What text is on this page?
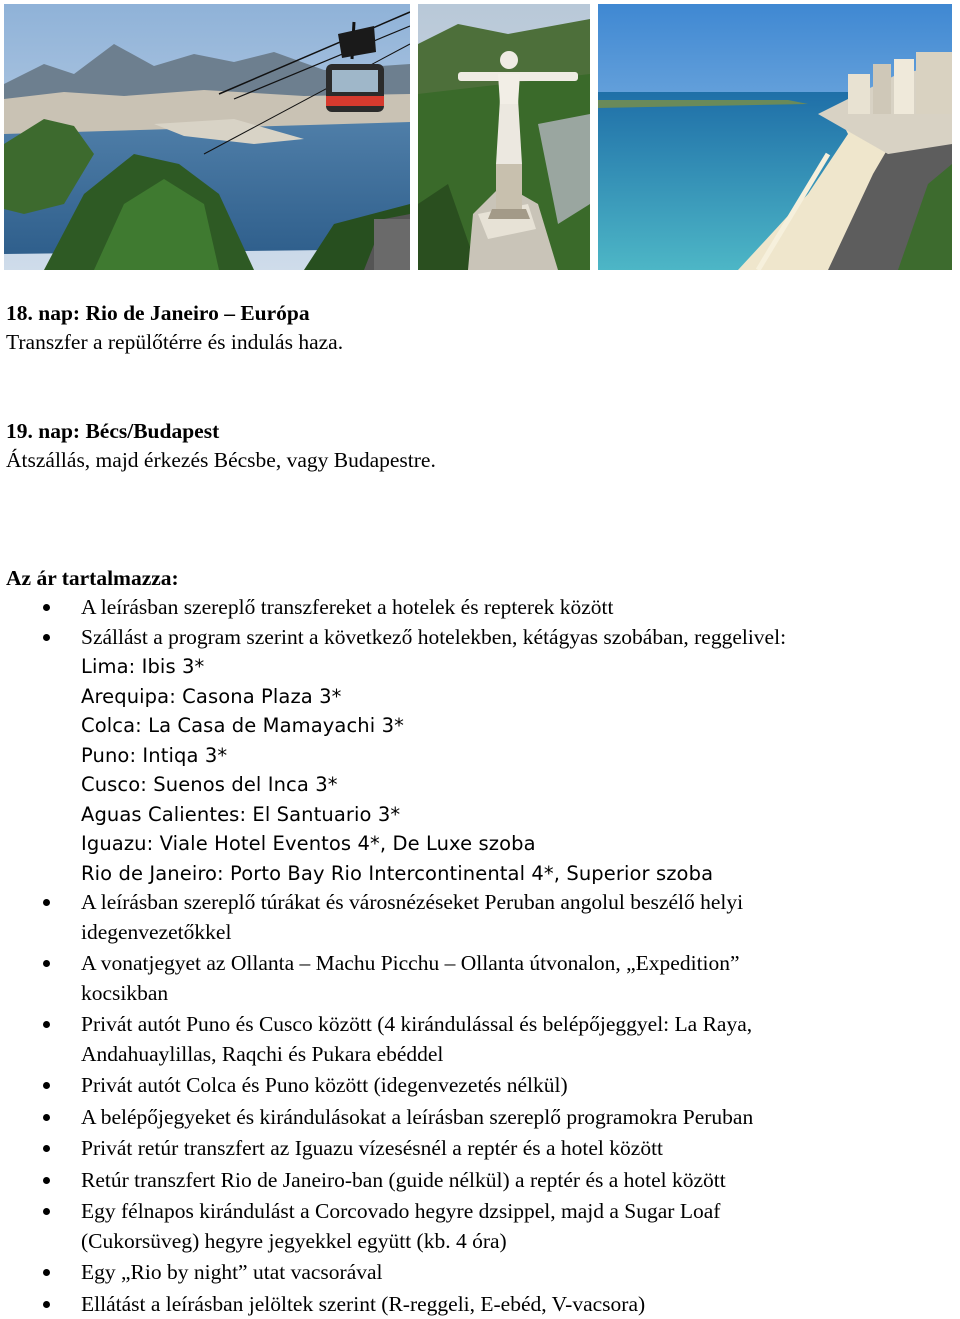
18. nap: Rio de Janeiro – Európa
Transzfer a repülőtérre és indulás haza.
19. nap: Bécs/Budapest
Átszállás, majd érkezés Bécsbe, vagy Budapestre.
Az ár tartalmazza:
A leírásban szereplő transzfereket a hotelek és repterek között
Szállást a program szerint a következő hotelekben, kétágyas szobában, reggelivel:
Lima: Ibis 3*
Arequipa: Casona Plaza 3*
Colca: La Casa de Mamayachi 3*
Puno: Intiqa 3*
Cusco: Suenos del Inca 3*
Aguas Calientes: El Santuario 3*
Iguazu: Viale Hotel Eventos 4*, De Luxe szoba
Rio de Janeiro: Porto Bay Rio Intercontinental 4*, Superior szoba
A leírásban szereplő túrákat és városnézéseket Peruban angolul beszélő helyi
idegenvezetőkkel
A vonatjegyet az Ollanta – Machu Picchu – Ollanta útvonalon, „Expedition”
kocsikban
Privát autót Puno és Cusco között (4 kirándulással és belépőjeggyel: La Raya,
Andahuaylillas, Raqchi és Pukara ebéddel
Privát autót Colca és Puno között (idegenvezetés nélkül)
A belépőjegyeket és kirándulásokat a leírásban szereplő programokra Peruban
Privát retúr transzfert az Iguazu vízesésnél a reptér és a hotel között
Retúr transzfert Rio de Janeiro-ban (guide nélkül) a reptér és a hotel között
Egy félnapos kirándulást a Corcovado hegyre dzsippel, majd a Sugar Loaf
(Cukorsüveg) hegyre jegyekkel együtt (kb. 4 óra)
Egy „Rio by night” utat vacsorával
Ellátást a leírásban jelöltek szerint (R-reggeli, E-ebéd, V-vacsora)
